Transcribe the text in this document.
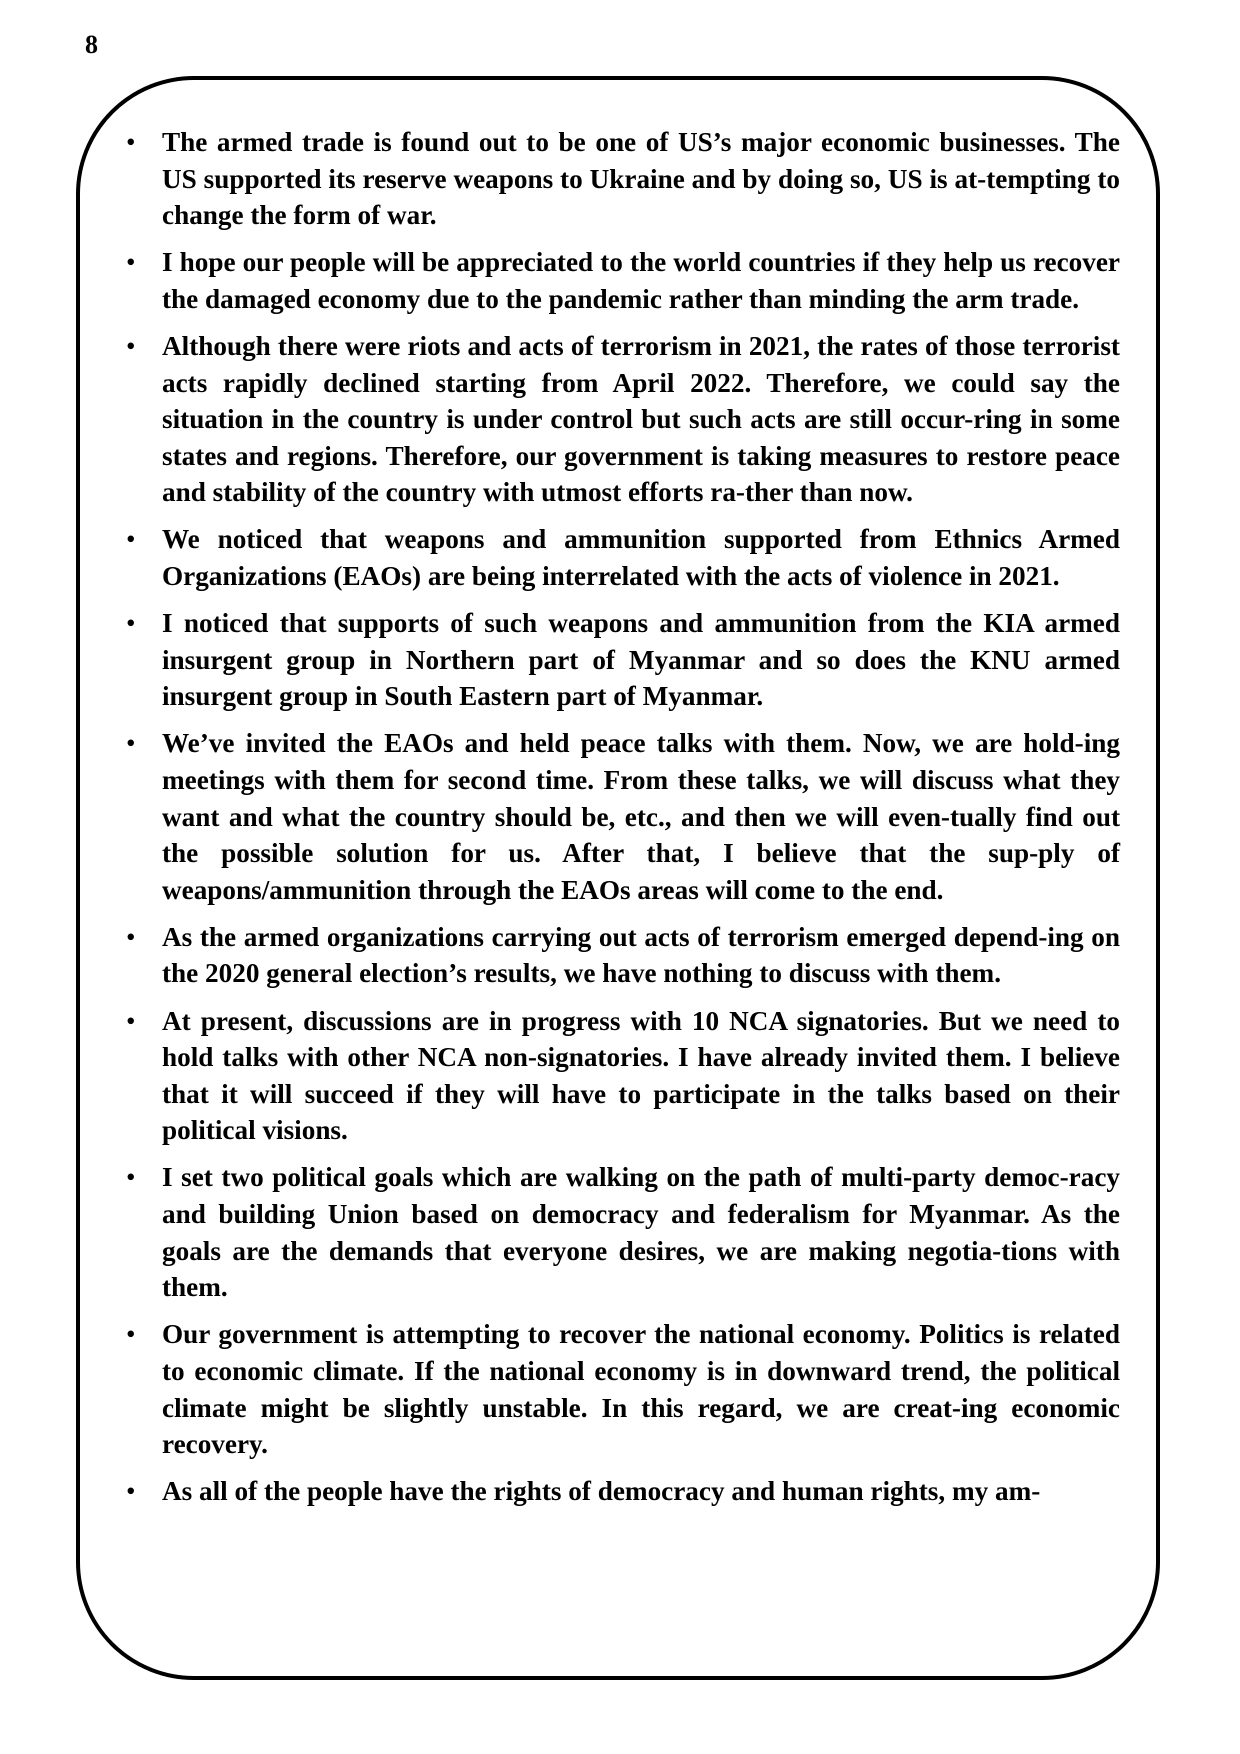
8
• The armed trade is found out to be one of US’s major economic businesses. The US supported its reserve weapons to Ukraine and by doing so, US is at-tempting to change the form of war.
• I hope our people will be appreciated to the world countries if they help us recover the damaged economy due to the pandemic rather than minding the arm trade.
• Although there were riots and acts of terrorism in 2021, the rates of those terrorist acts rapidly declined starting from April 2022. Therefore, we could say the situation in the country is under control but such acts are still occur-ring in some states and regions. Therefore, our government is taking measures to restore peace and stability of the country with utmost efforts ra-ther than now.
• We noticed that weapons and ammunition supported from Ethnics Armed Organizations (EAOs) are being interrelated with the acts of violence in 2021.
• I noticed that supports of such weapons and ammunition from the KIA armed insurgent group in Northern part of Myanmar and so does the KNU armed insurgent group in South Eastern part of Myanmar.
• We’ve invited the EAOs and held peace talks with them. Now, we are hold-ing meetings with them for second time. From these talks, we will discuss what they want and what the country should be, etc., and then we will even-tually find out the possible solution for us. After that, I believe that the sup-ply of weapons/ammunition through the EAOs areas will come to the end.
• As the armed organizations carrying out acts of terrorism emerged depend-ing on the 2020 general election’s results, we have nothing to discuss with them.
• At present, discussions are in progress with 10 NCA signatories. But we need to hold talks with other NCA non-signatories. I have already invited them. I believe that it will succeed if they will have to participate in the talks based on their political visions.
• I set two political goals which are walking on the path of multi-party democ-racy and building Union based on democracy and federalism for Myanmar. As the goals are the demands that everyone desires, we are making negotia-tions with them.
• Our government is attempting to recover the national economy. Politics is related to economic climate. If the national economy is in downward trend, the political climate might be slightly unstable. In this regard, we are creat-ing economic recovery.
• As all of the people have the rights of democracy and human rights, my am-
